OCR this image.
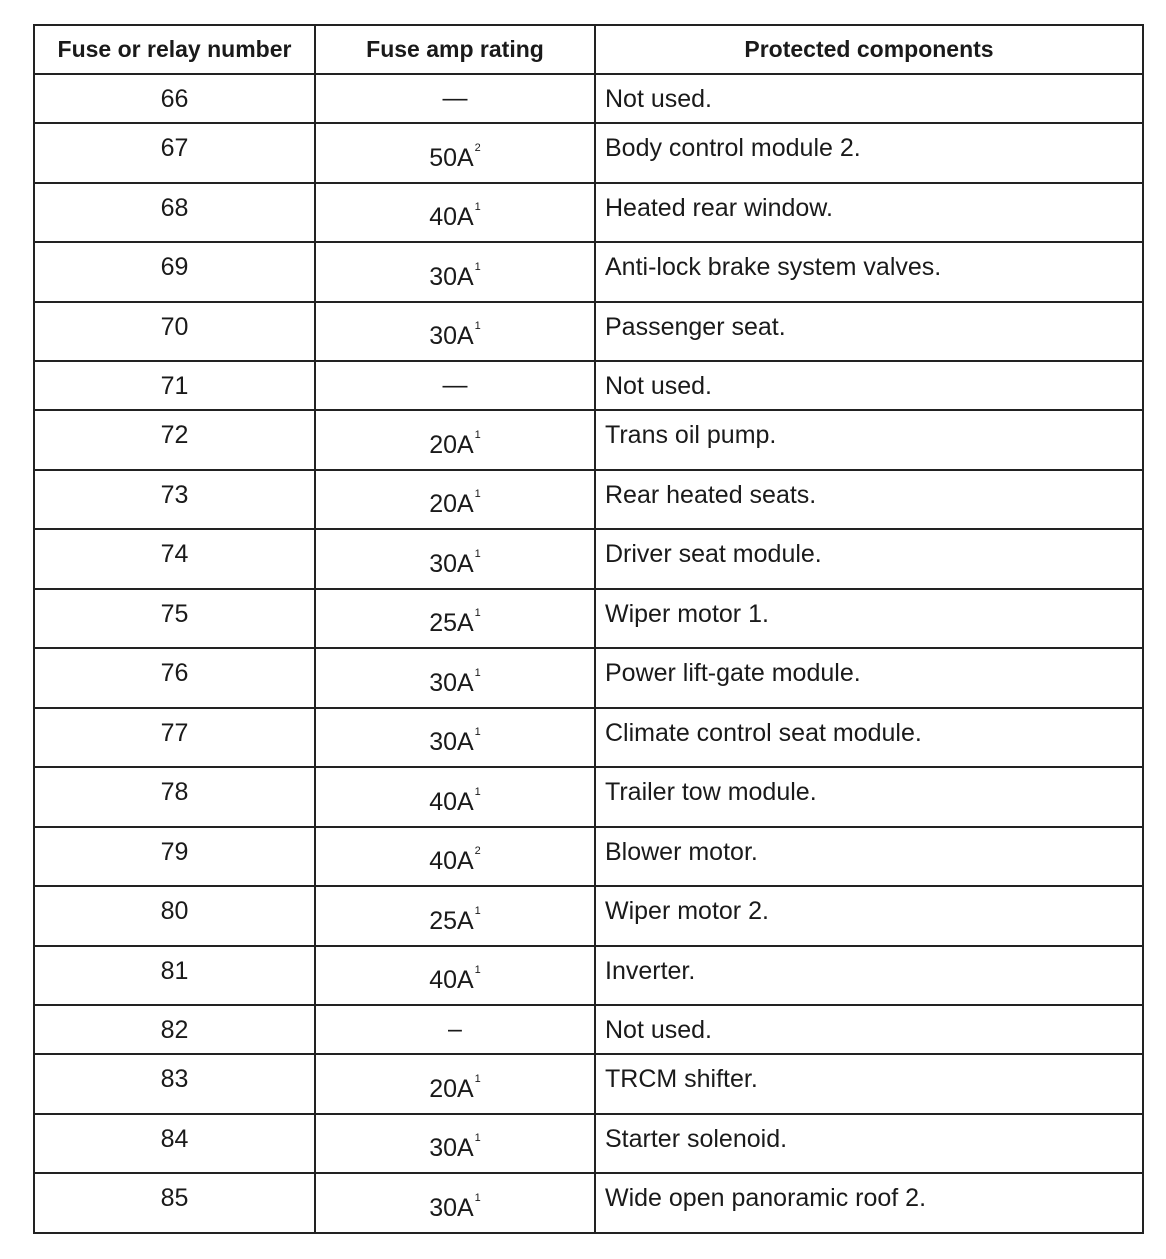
Fuse or relay number	Fuse amp rating	Protected components
66	—	Not used.
67	$50A^2$	Body control module 2.
68	$40A^1$	Heated rear window.
69	$30A^1$	Anti-lock brake system valves.
70	$30A^1$	Passenger seat.
71	—	Not used.
72	$20A^1$	Trans oil pump.
73	$20A^1$	Rear heated seats.
74	$30A^1$	Driver seat module.
75	$25A^1$	Wiper motor 1.
76	$30A^1$	Power lift-gate module.
77	$30A^1$	Climate control seat module.
78	$40A^1$	Trailer tow module.
79	$40A^2$	Blower motor.
80	$25A^1$	Wiper motor 2.
81	$40A^1$	Inverter.
82	–	Not used.
83	$20A^1$	TRCM shifter.
84	$30A^1$	Starter solenoid.
85	$30A^1$	Wide open panoramic roof 2.
